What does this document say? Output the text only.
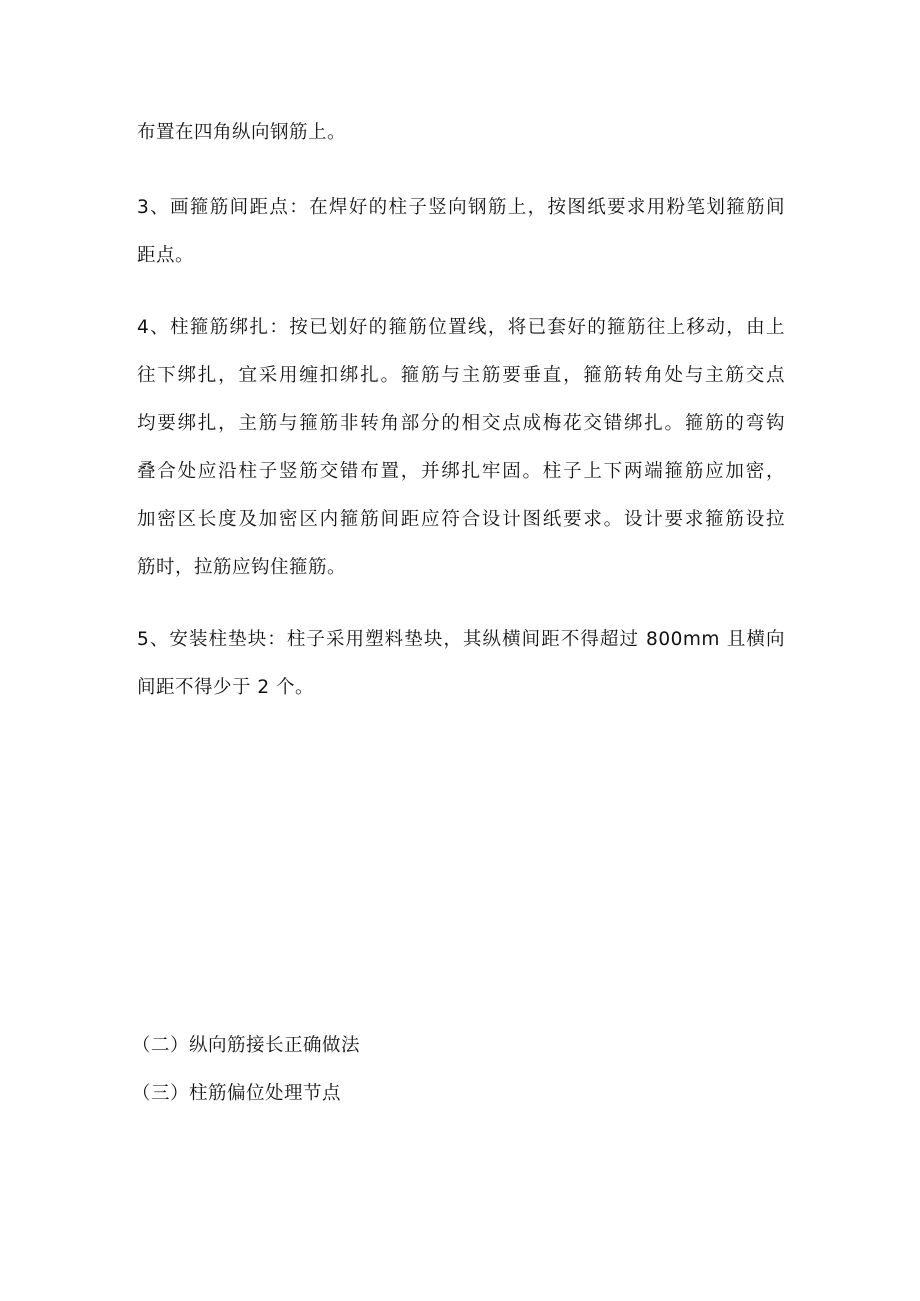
布置在四角纵向钢筋上。
3、画箍筋间距点：在焊好的柱子竖向钢筋上，按图纸要求用粉笔划箍筋间
距点。
4、柱箍筋绑扎：按已划好的箍筋位置线，将已套好的箍筋往上移动，由上
往下绑扎，宜采用缠扣绑扎。箍筋与主筋要垂直，箍筋转角处与主筋交点
均要绑扎，主筋与箍筋非转角部分的相交点成梅花交错绑扎。箍筋的弯钩
叠合处应沿柱子竖筋交错布置，并绑扎牢固。柱子上下两端箍筋应加密，
加密区长度及加密区内箍筋间距应符合设计图纸要求。设计要求箍筋设拉
筋时，拉筋应钩住箍筋。
5、安装柱垫块：柱子采用塑料垫块，其纵横间距不得超过 800mm 且横向
间距不得少于 2 个。
（二）纵向筋接长正确做法
（三）柱筋偏位处理节点
